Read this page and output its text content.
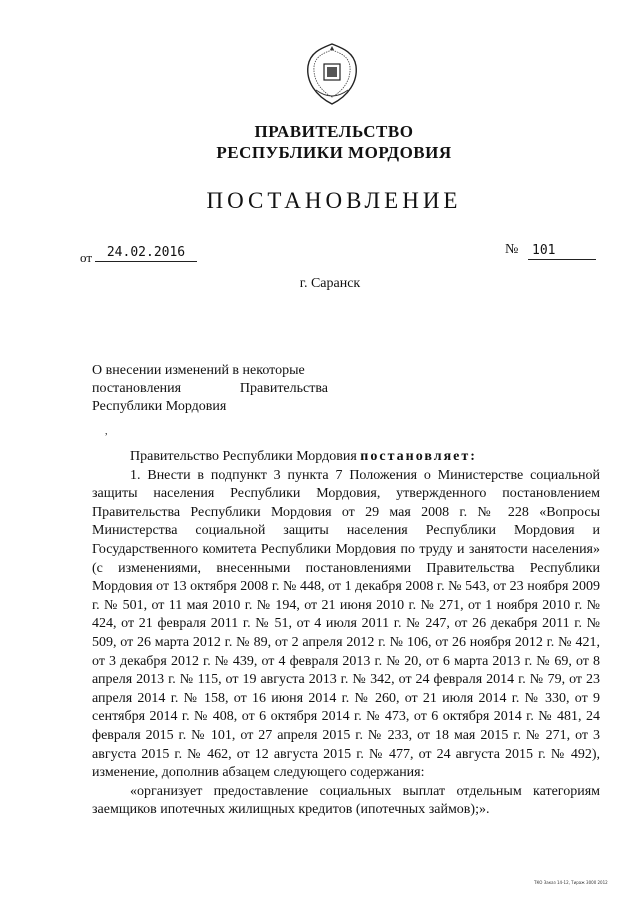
ПРАВИТЕЛЬСТВО
РЕСПУБЛИКИ МОРДОВИЯ
ПОСТАНОВЛЕНИЕ
от	24.02.2016	№	101
г. Саранск
О внесении изменений в некоторые
постановления	Правительства
Республики Мордовия
,

Правительство Республики Мордовия постановляет:

1. Внести в подпункт 3 пункта 7 Положения о Министерстве социальной защиты населения Республики Мордовия, утвержденного постановлением Правительства Республики Мордовия от 29 мая 2008 г. № 228 «Вопросы Министерства социальной защиты населения Республики Мордовия и Государственного комитета Республики Мордовия по труду и занятости населения» (с изменениями, внесенными постановлениями Правительства Республики Мордовия от 13 октября 2008 г. № 448, от 1 декабря 2008 г. № 543, от 23 ноября 2009 г. № 501, от 11 мая 2010 г. № 194, от 21 июня 2010 г. № 271, от 1 ноября 2010 г. № 424, от 21 февраля 2011 г. № 51, от 4 июля 2011 г. № 247, от 26 декабря 2011 г. № 509, от 26 марта 2012 г. № 89, от 2 апреля 2012 г. № 106, от 26 ноября 2012 г. № 421, от 3 декабря 2012 г. № 439, от 4 февраля 2013 г. № 20, от 6 марта 2013 г. № 69, от 8 апреля 2013 г. № 115, от 19 августа 2013 г. № 342, от 24 февраля 2014 г. № 79, от 23 апреля 2014 г. № 158, от 16 июня 2014 г. № 260, от 21 июля 2014 г. № 330, от 9 сентября 2014 г. № 408, от 6 октября 2014 г. № 473, от 6 октября 2014 г. № 481, 24 февраля 2015 г. № 101, от 27 апреля 2015 г. № 233, от 18 мая 2015 г. № 271, от 3 августа 2015 г. № 462, от 12 августа 2015 г. № 477, от 24 августа 2015 г. № 492), изменение, дополнив абзацем следующего содержания:

«организует предоставление социальных выплат отдельным категориям заемщиков ипотечных жилищных кредитов (ипотечных займов);».

ТКО Заказ 14-12, Тираж 3000 2012
